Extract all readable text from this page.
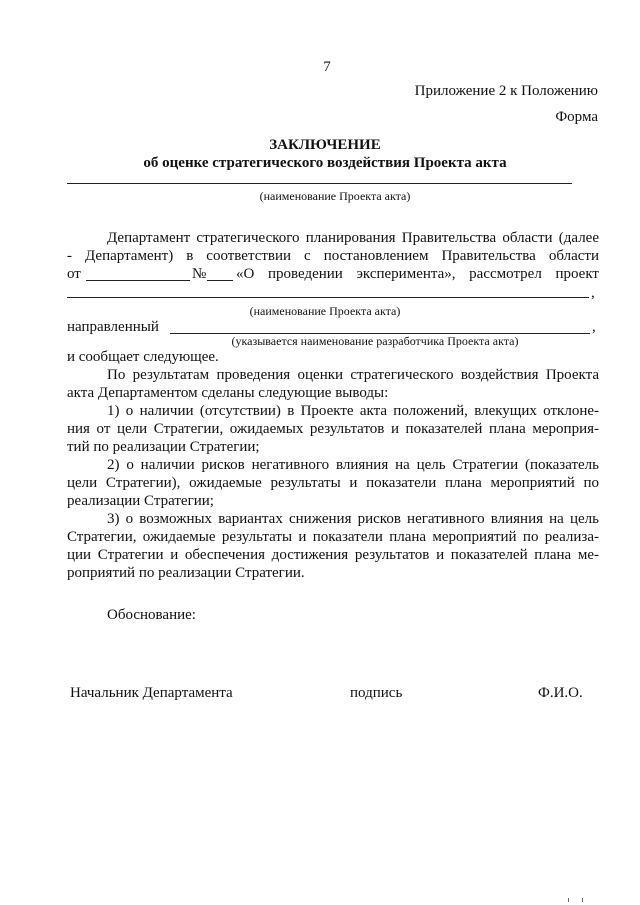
7
Приложение 2 к Положению
Форма
ЗАКЛЮЧЕНИЕ
об оценке стратегического воздействия Проекта акта
(наименование Проекта акта)
Департамент стратегического планирования Правительства области (далее
- Департамент) в соответствии с постановлением Правительства области
от	№ «О проведении эксперимента», рассмотрел проект
,
(наименование Проекта акта)
направленный	,
(указывается наименование разработчика Проекта акта)
и сообщает следующее.
По результатам проведения оценки стратегического воздействия Проекта
акта Департаментом сделаны следующие выводы:
1) о наличии (отсутствии) в Проекте акта положений, влекущих отклоне-
ния от цели Стратегии, ожидаемых результатов и показателей плана мероприя-
тий по реализации Стратегии;
2) о наличии рисков негативного влияния на цель Стратегии (показатель
цели Стратегии), ожидаемые результаты и показатели плана мероприятий по
реализации Стратегии;
3) о возможных вариантах снижения рисков негативного влияния на цель
Стратегии, ожидаемые результаты и показатели плана мероприятий по реализа-
ции Стратегии и обеспечения достижения результатов и показателей плана ме-
роприятий по реализации Стратегии.
Обоснование:
Начальник Департамента	подпись	Ф.И.О.
